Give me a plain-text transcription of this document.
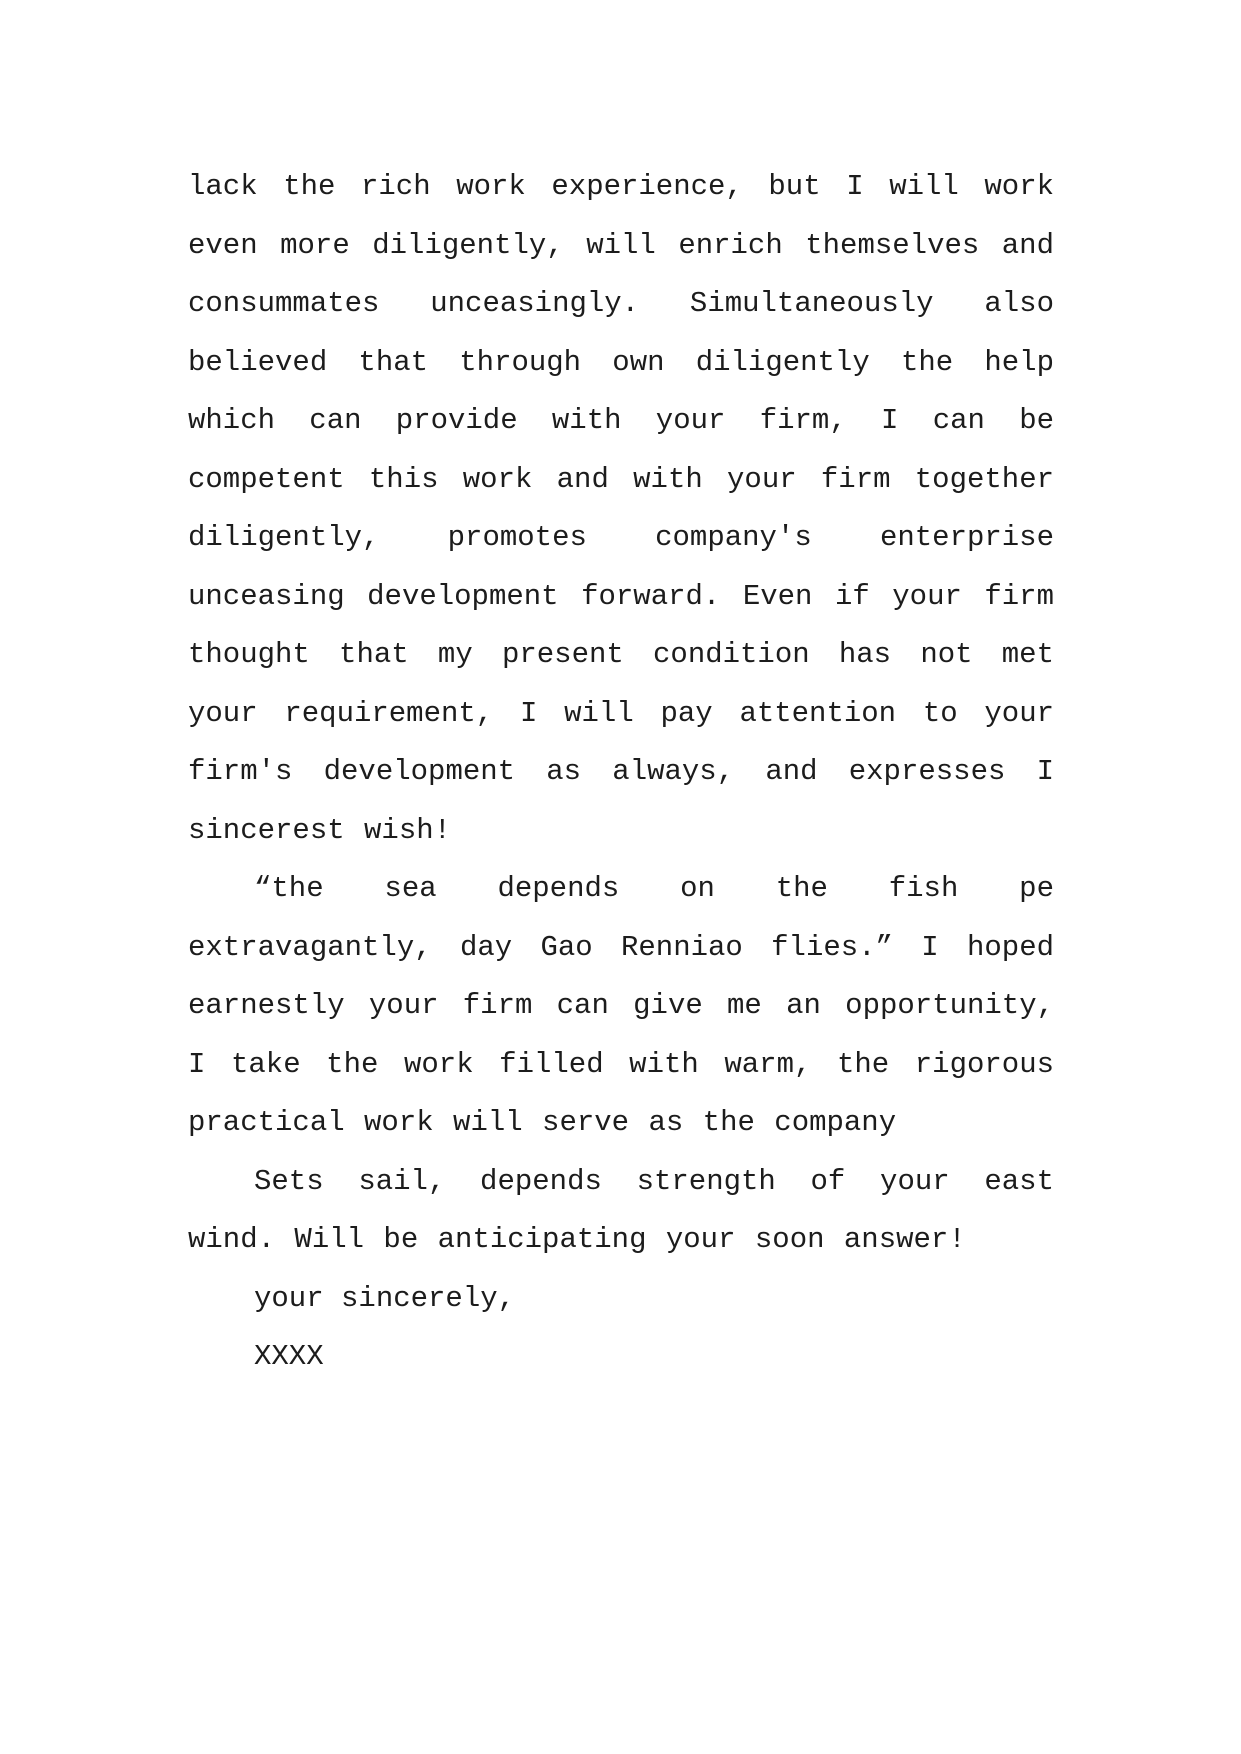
lack the rich work experience, but I will work even more diligently, will enrich themselves and consummates unceasingly. Simultaneously also believed that through own diligently the help which can provide with your firm, I can be competent this work and with your firm together diligently, promotes company's enterprise unceasing development forward. Even if your firm thought that my present condition has not met your requirement, I will pay attention to your firm's development as always, and expresses I sincerest wish!

“the sea depends on the fish pe extravagantly, day Gao Renniao flies.” I hoped earnestly your firm can give me an opportunity, I take the work filled with warm, the rigorous practical work will serve as the company

Sets sail, depends strength of your east wind. Will be anticipating your soon answer!

your sincerely,

XXXX
